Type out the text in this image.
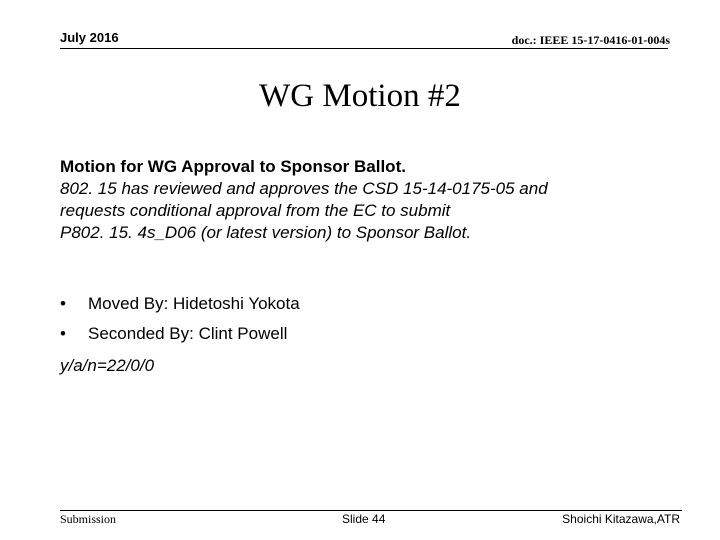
July 2016	doc.: IEEE 15-17-0416-01-004s
WG Motion #2
Motion for WG Approval to Sponsor Ballot.
802. 15 has reviewed and approves the CSD 15-14-0175-05 and
requests conditional approval from the EC to submit
P802. 15. 4s_D06 (or latest version) to Sponsor Ballot.
•	Moved By: Hidetoshi Yokota
•	Seconded By: Clint Powell
y/a/n=22/0/0
Submission	Slide 44	Shoichi Kitazawa,ATR
